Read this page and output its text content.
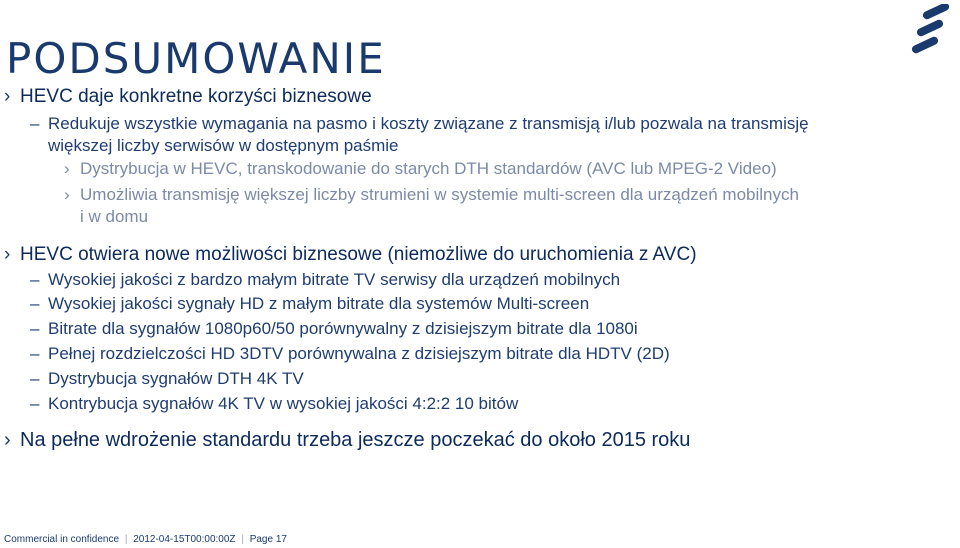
PODSUMOWANIE
› HEVC daje konkretne korzyści biznesowe
– Redukuje wszystkie wymagania na pasmo i koszty związane z transmisją i/lub pozwala na transmisję
większej liczby serwisów w dostępnym paśmie
› Dystrybucja w HEVC, transkodowanie do starych DTH standardów (AVC lub MPEG-2 Video)
› Umożliwia transmisję większej liczby strumieni w systemie multi-screen dla urządzeń mobilnych
i w domu
› HEVC otwiera nowe możliwości biznesowe (niemożliwe do uruchomienia z AVC)
– Wysokiej jakości z bardzo małym bitrate TV serwisy dla urządzeń mobilnych
– Wysokiej jakości sygnały HD z małym bitrate dla systemów Multi-screen
– Bitrate dla sygnałów 1080p60/50 porównywalny z dzisiejszym bitrate dla 1080i
– Pełnej rozdzielczości HD 3DTV porównywalna z dzisiejszym bitrate dla HDTV (2D)
– Dystrybucja sygnałów DTH 4K TV
– Kontrybucja sygnałów 4K TV w wysokiej jakości 4:2:2 10 bitów
› Na pełne wdrożenie standardu trzeba jeszcze poczekać do około 2015 roku
Commercial in confidence | 2012-04-15T00:00:00Z | Page 17
